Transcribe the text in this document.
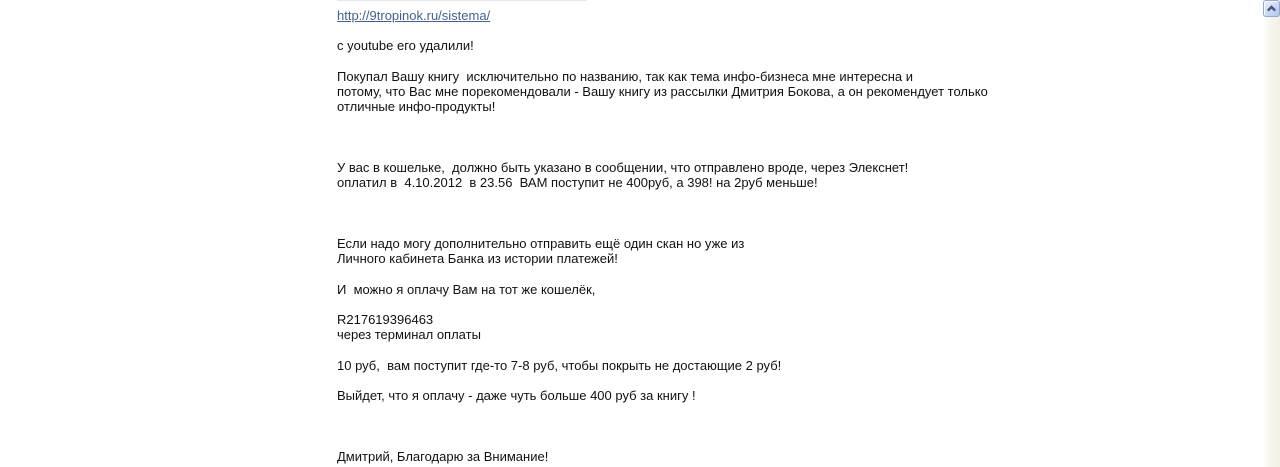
http://9tropinok.ru/sistema/
с youtube его удалили!
Покупал Вашу книгу  исключительно по названию, так как тема инфо-бизнеса мне интересна и
потому, что Вас мне порекомендовали - Вашу книгу из рассылки Дмитрия Бокова, а он рекомендует только
отличные инфо-продукты!
У вас в кошельке,  должно быть указано в сообщении, что отправлено вроде, через Элекснет!
оплатил в  4.10.2012  в 23.56  ВАМ поступит не 400руб, а 398! на 2руб меньше!
Если надо могу дополнительно отправить ещё один скан но уже из
Личного кабинета Банка из истории платежей!
И  можно я оплачу Вам на тот же кошелёк,
R217619396463
через терминал оплаты
10 руб,  вам поступит где-то 7-8 руб, чтобы покрыть не достающие 2 руб!
Выйдет, что я оплачу - даже чуть больше 400 руб за книгу !
Дмитрий, Благодарю за Внимание!
